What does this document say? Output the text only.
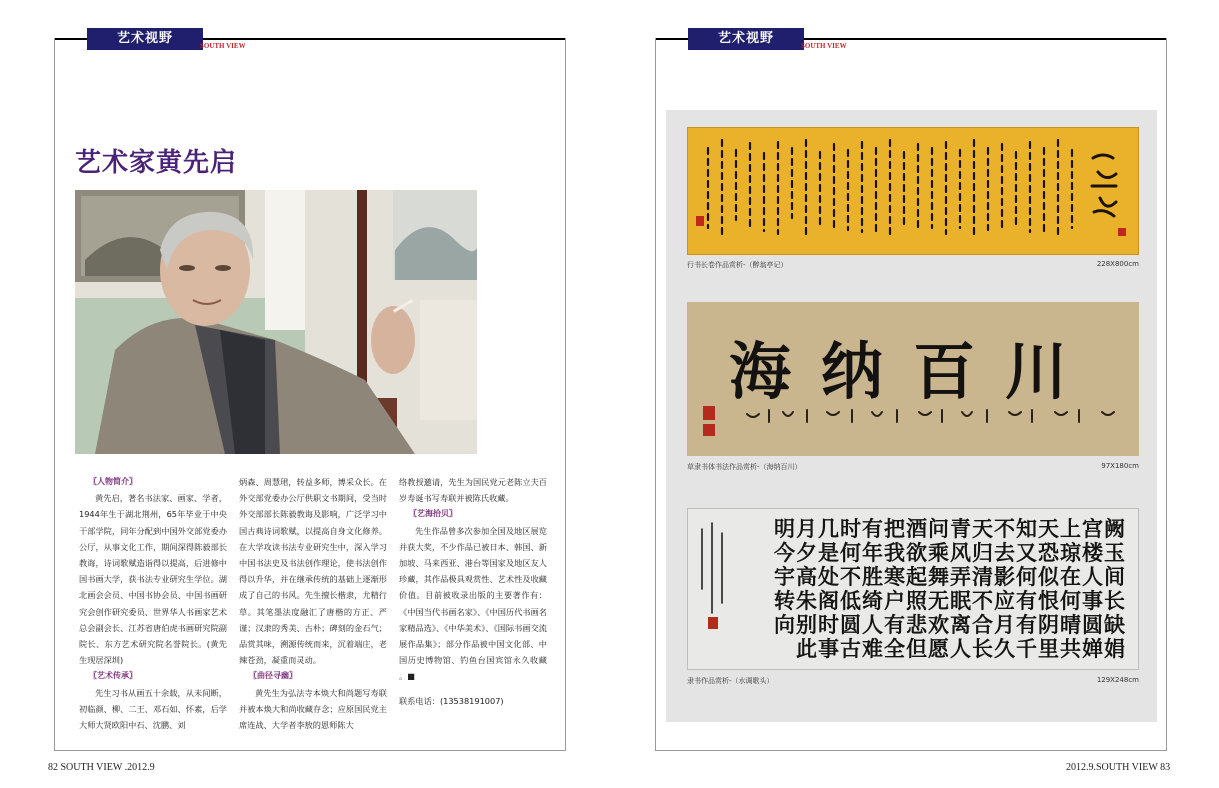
艺术视野	SOUTH VIEW
艺术家黄先启

〖人物简介〗

黄先启，著名书法家、画家、学者，1944年生于湖北荆州，65年毕业于中央干部学院，同年分配到中国外交部党委办公厅，从事文化工作，期间深得陈毅部长教诲，诗词歌赋造诣得以提高，后进修中国书画大学，获书法专业研究生学位。湖北画会会员、中国书协会员、中国书画研究会创作研究委员、世界华人书画家艺术总会副会长、江苏省唐伯虎书画研究院副院长、东方艺术研究院名誉院长。(黄先生现居深圳)

〖艺术传承〗

先生习书从画五十余载，从未间断，初临颜、柳、二王、邓石如、怀素，后学大师大贤欧阳中石、沈鹏、刘

炳森、周慧珺，转益多师，博采众长。在外交部党委办公厅供职文书期间，受当时外交部部长陈毅教诲及影响，广泛学习中国古典诗词歌赋，以提高自身文化修养。在大学攻读书法专业研究生中，深入学习中国书法史及书法创作理论，使书法创作得以升华，并在继承传统的基础上逐渐形成了自己的书风。先生擅长楷隶，尤精行草。其笔墨法度融汇了唐楷的方正、严谨；汉隶的秀美、古朴；碑刻的金石气；品赏其味，溯源传统而来，沉着端庄，老辣苍劲，凝重而灵动。

〖曲径寻幽〗

黄先生为弘法寺本焕大和尚题写寿联并被本焕大和尚收藏存念；应原国民党主席连战、大学者李敖的恩师陈大

络教授邀请，先生为国民党元老陈立夫百岁寿诞书写寿联并被陈氏收藏。

〖艺海拾贝〗

先生作品曾多次参加全国及地区展览并获大奖，不少作品已被日本、韩国、新加坡、马来西亚、港台等国家及地区友人珍藏，其作品极具观赏性、艺术性及收藏价值。目前被收录出版的主要著作有：《中国当代书画名家》、《中国历代书画名家精品选》、《中华美术》、《国际书画交流展作品集》；部分作品被中国文化部、中国历史博物馆、钓鱼台国宾馆永久收藏 。■

联系电话：(13538191007)

82 SOUTH VIEW .2012.9
艺术视野	SOUTH VIEW
行书长卷作品赏析-（醉翁亭记）	228X800cm
海纳百川
草隶书体书法作品赏析-（海纳百川）	97X180cm
明月几时有把酒问青天不知天上宫阙
今夕是何年我欲乘风归去又恐琼楼玉
宇高处不胜寒起舞弄清影何似在人间
转朱阁低绮户照无眠不应有恨何事长
向别时圆人有悲欢离合月有阴晴圆缺
此事古难全但愿人长久千里共婵娟
隶书作品赏析-（水调歌头）	129X248cm
2012.9.SOUTH VIEW 83
